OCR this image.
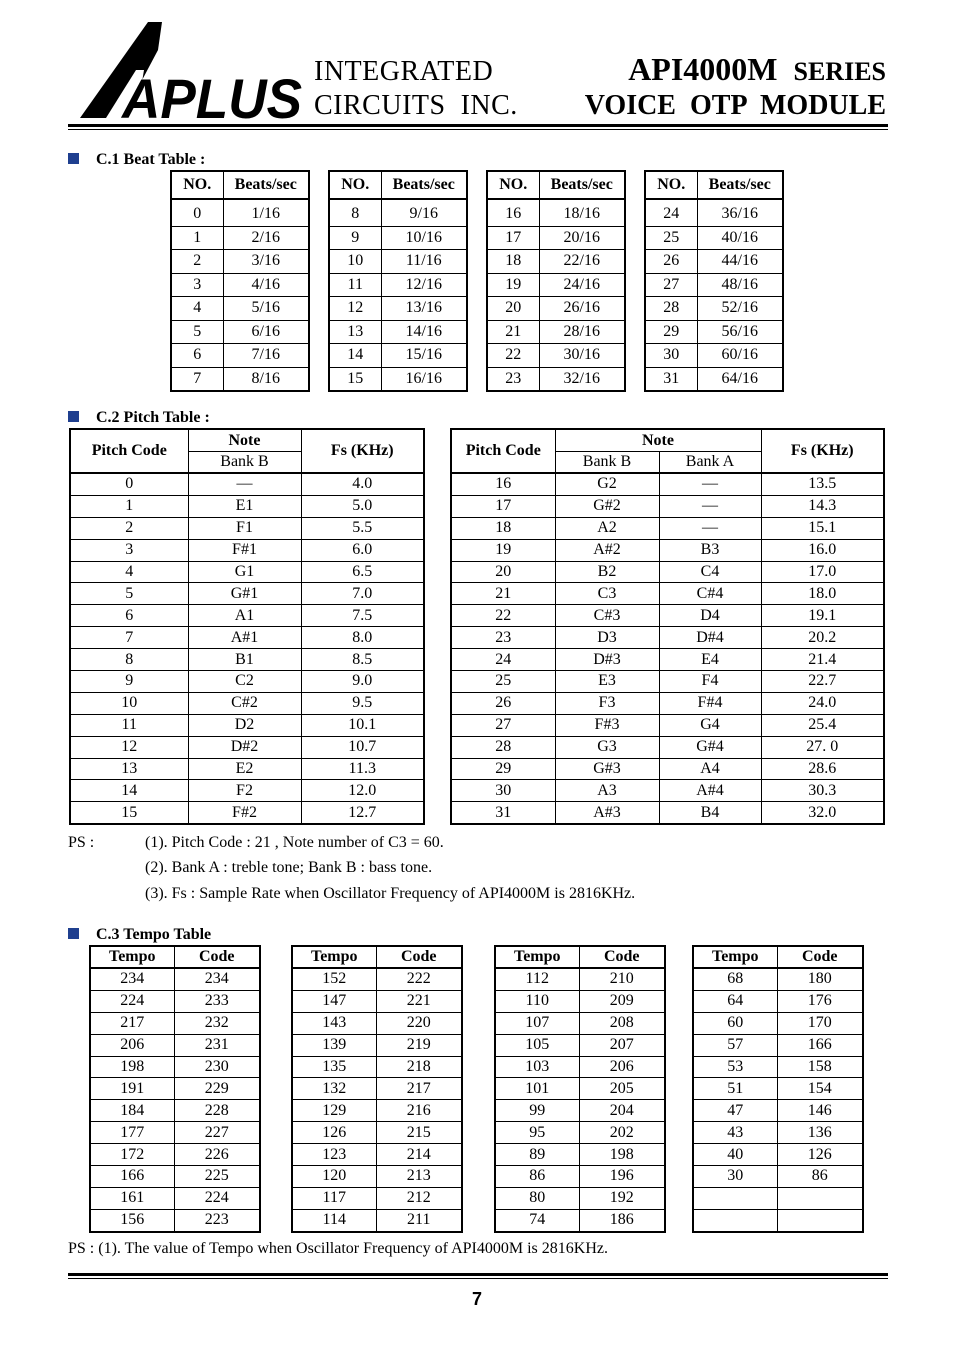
APLUS INTEGRATED
CIRCUITS  INC.
API4000M SERIES
VOICE  OTP  MODULE
C.1 Beat Table :
NO.	Beats/sec
0	1/16
1	2/16
2	3/16
3	4/16
4	5/16
5	6/16
6	7/16
7	8/16
NO.	Beats/sec
8	9/16
9	10/16
10	11/16
11	12/16
12	13/16
13	14/16
14	15/16
15	16/16
NO.	Beats/sec
16	18/16
17	20/16
18	22/16
19	24/16
20	26/16
21	28/16
22	30/16
23	32/16
NO.	Beats/sec
24	36/16
25	40/16
26	44/16
27	48/16
28	52/16
29	56/16
30	60/16
31	64/16
C.2 Pitch Table :
Pitch Code	Note	Fs (KHz)
	Bank B	
0	—	4.0
1	E1	5.0
2	F1	5.5
3	F#1	6.0
4	G1	6.5
5	G#1	7.0
6	A1	7.5
7	A#1	8.0
8	B1	8.5
9	C2	9.0
10	C#2	9.5
11	D2	10.1
12	D#2	10.7
13	E2	11.3
14	F2	12.0
15	F#2	12.7
Pitch Code	Note		Fs (KHz)
	Bank B	Bank A	
16	G2	—	13.5
17	G#2	—	14.3
18	A2	—	15.1
19	A#2	B3	16.0
20	B2	C4	17.0
21	C3	C#4	18.0
22	C#3	D4	19.1
23	D3	D#4	20.2
24	D#3	E4	21.4
25	E3	F4	22.7
26	F3	F#4	24.0
27	F#3	G4	25.4
28	G3	G#4	27. 0
29	G#3	A4	28.6
30	A3	A#4	30.3
31	A#3	B4	32.0
PS :	(1). Pitch Code : 21 , Note number of C3 = 60.
(2). Bank A : treble tone; Bank B : bass tone.
(3). Fs : Sample Rate when Oscillator Frequency of API4000M is 2816KHz.
C.3 Tempo Table
Tempo	Code
234	234
224	233
217	232
206	231
198	230
191	229
184	228
177	227
172	226
166	225
161	224
156	223
Tempo	Code
152	222
147	221
143	220
139	219
135	218
132	217
129	216
126	215
123	214
120	213
117	212
114	211
Tempo	Code
112	210
110	209
107	208
105	207
103	206
101	205
99	204
95	202
89	198
86	196
80	192
74	186
Tempo	Code
68	180
64	176
60	170
57	166
53	158
51	154
47	146
43	136
40	126
30	86

PS : (1). The value of Tempo when Oscillator Frequency of API4000M is 2816KHz.
7
